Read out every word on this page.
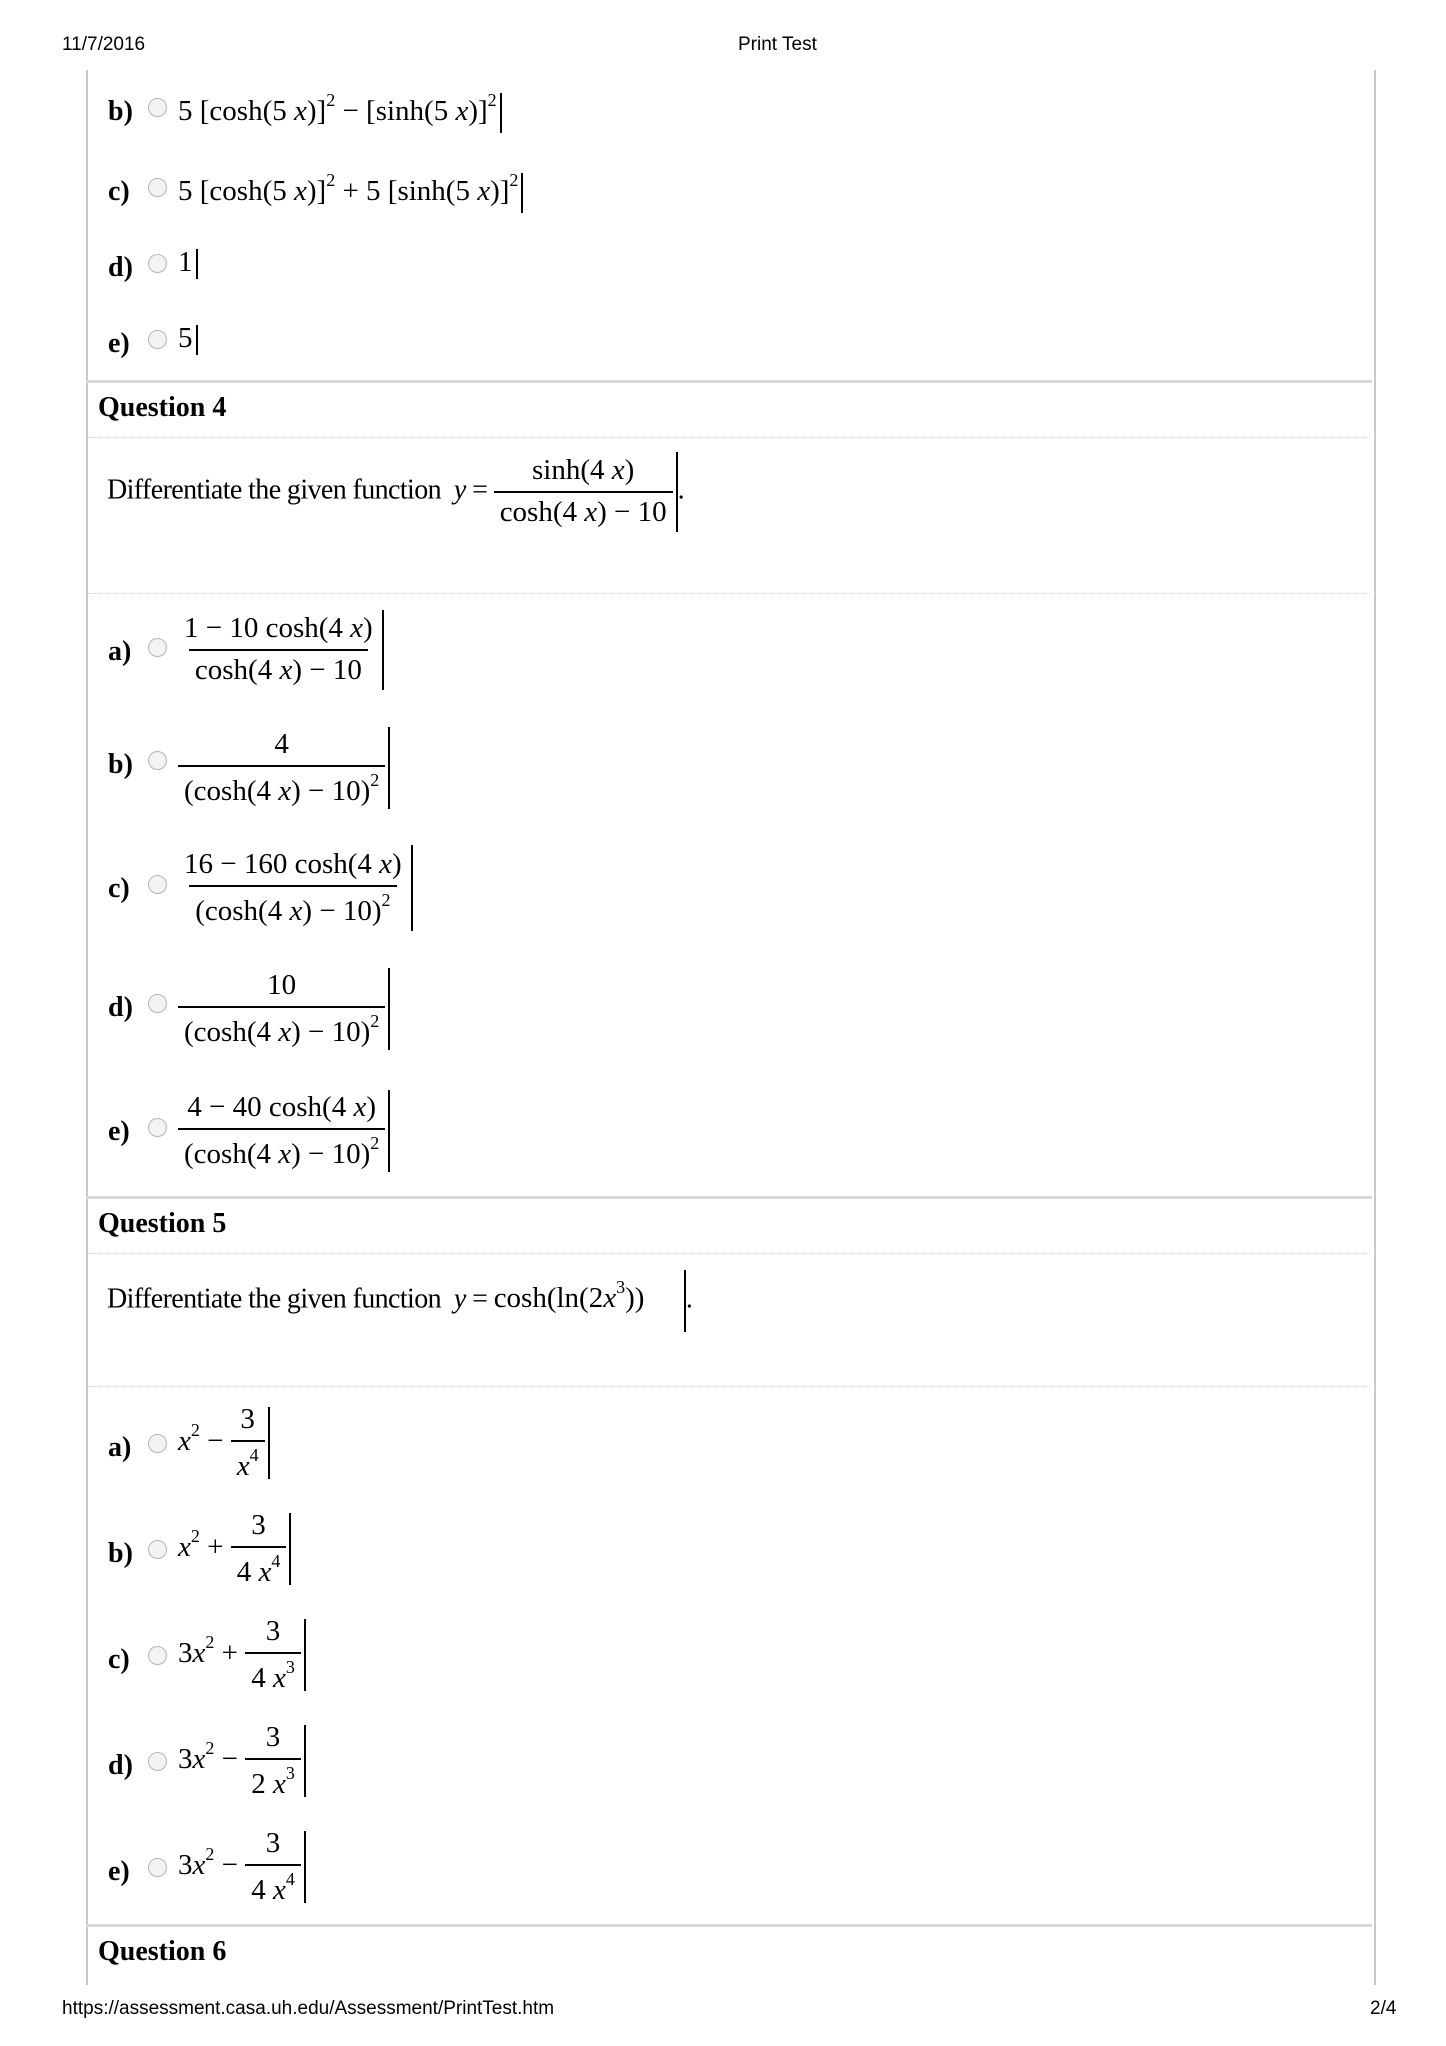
11/7/2016	Print Test
https://assessment.casa.uh.edu/Assessment/PrintTest.htm	2/4
b) 5 [cosh(5 x)]$^2$ − [sinh(5 x)]$^2$
c) 5 [cosh(5 x)]$^2$ + 5 [sinh(5 x)]$^2$
d) 1
e) 5
Question 4
Differentiate the given function $y = \frac{\sinh(4 x)}{\cosh(4 x) - 10}$ .
$a) \frac{1 - 10 \cosh(4 x)}{\cosh(4 x) - 10}$
$b) \frac{4}{(\cosh(4 x) - 10)^2}$
$c) \frac{16 - 160 \cosh(4 x)}{(\cosh(4 x) - 10)^2}$
$d) \frac{10}{(\cosh(4 x) - 10)^2}$
$e) \frac{4 - 40 \cosh(4 x)}{(\cosh(4 x) - 10)^2}$
Question 5
Differentiate the given function $y = \cosh(\ln(2x^3))$ .
a) $x^2 - \frac{3}{x^4}$
b) $x^2 + \frac{3}{4 x^4}$
c) $3x^2 + \frac{3}{4 x^3}$
d) $3x^2 - \frac{3}{2 x^3}$
e) $3x^2 - \frac{3}{4 x^4}$
Question 6
